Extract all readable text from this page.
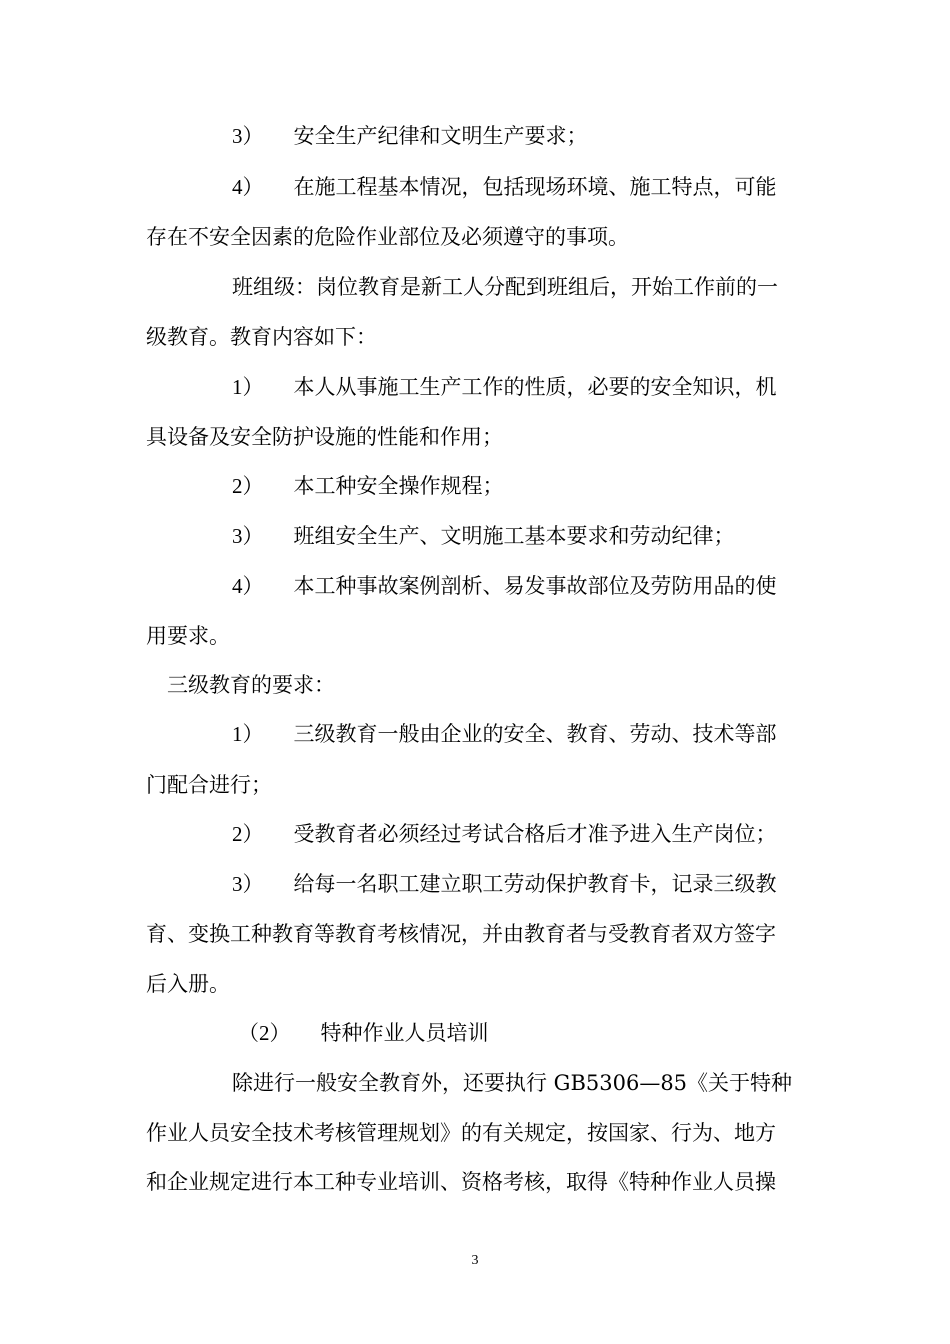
3） 安全生产纪律和文明生产要求；
4） 在施工程基本情况，包括现场环境、施工特点，可能
存在不安全因素的危险作业部位及必须遵守的事项。
班组级：岗位教育是新工人分配到班组后，开始工作前的一
级教育。教育内容如下：
1） 本人从事施工生产工作的性质，必要的安全知识，机
具设备及安全防护设施的性能和作用；
2） 本工种安全操作规程；
3） 班组安全生产、文明施工基本要求和劳动纪律；
4） 本工种事故案例剖析、易发事故部位及劳防用品的使
用要求。
三级教育的要求：
1） 三级教育一般由企业的安全、教育、劳动、技术等部
门配合进行；
2） 受教育者必须经过考试合格后才准予进入生产岗位；
3） 给每一名职工建立职工劳动保护教育卡，记录三级教
育、变换工种教育等教育考核情况，并由教育者与受教育者双方签字
后入册。
（2） 特种作业人员培训
除进行一般安全教育外，还要执行 GB5306—85《关于特种
作业人员安全技术考核管理规划》的有关规定，按国家、行为、地方
和企业规定进行本工种专业培训、资格考核，取得《特种作业人员操
3
